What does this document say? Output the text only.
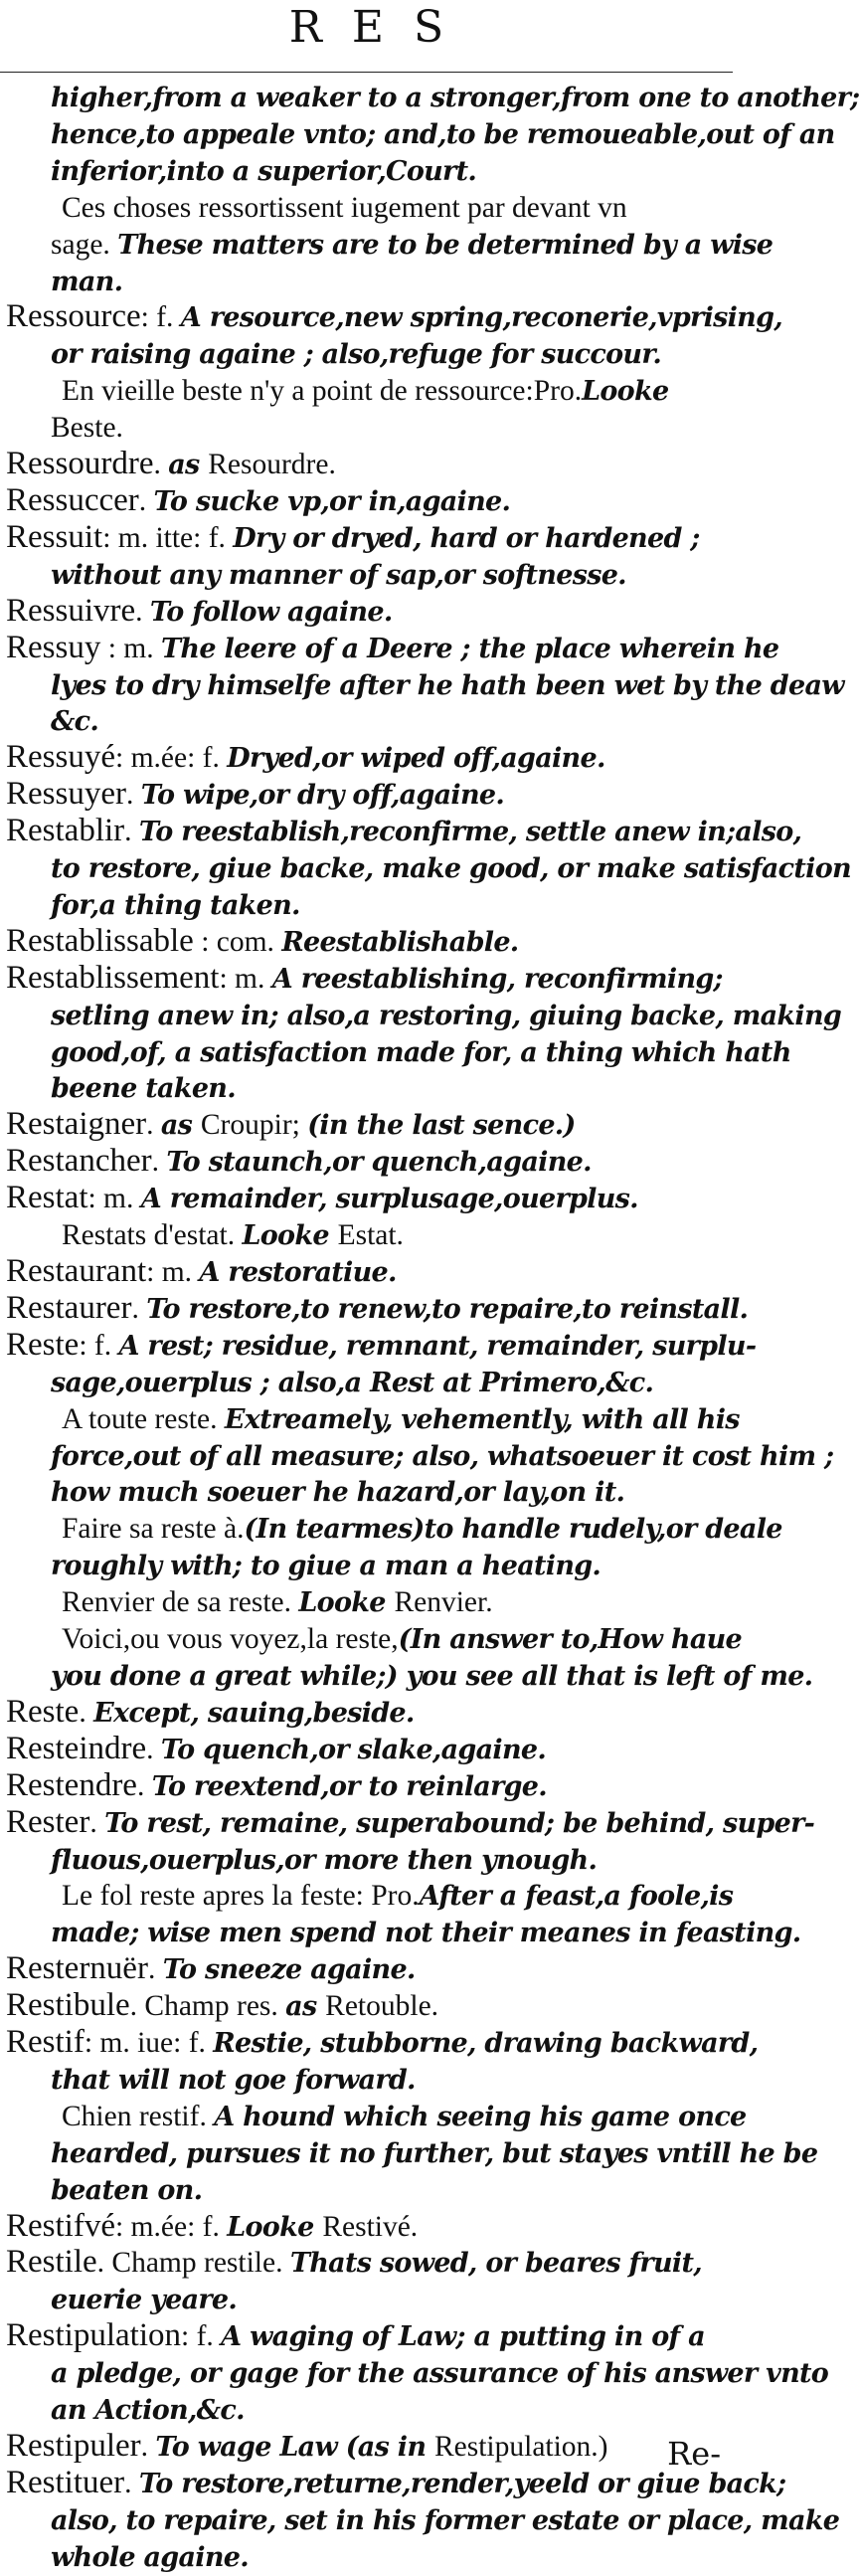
RES
higher,from a weaker to a stronger,from one to another;
hence,to appeale vnto; and,to be remoueable,out of an
inferior,into a superior,Court.
Ces choses ressortissent iugement par devant vn
sage. These matters are to be determined by a wise
man.
Ressource: f. A resource,new spring,reconerie,vprising,
or raising againe ; also,refuge for succour.
En vieille beste n'y a point de ressource:Pro.Looke
Beste.
Ressourdre. as Resourdre.
Ressuccer. To sucke vp,or in,againe.
Ressuit: m. itte: f. Dry or dryed, hard or hardened ;
without any manner of sap,or softnesse.
Ressuivre. To follow againe.
Ressuy : m. The leere of a Deere ; the place wherein he
lyes to dry himselfe after he hath been wet by the deaw
&c.
Ressuyé: m.ée: f. Dryed,or wiped off,againe.
Ressuyer. To wipe,or dry off,againe.
Restablir. To reestablish,reconfirme, settle anew in;also,
to restore, giue backe, make good, or make satisfaction
for,a thing taken.
Restablissable : com. Reestablishable.
Restablissement: m. A reestablishing, reconfirming;
setling anew in; also,a restoring, giuing backe, making
good,of, a satisfaction made for, a thing which hath
beene taken.
Restaigner. as Croupir; (in the last sence.)
Restancher. To staunch,or quench,againe.
Restat: m. A remainder, surplusage,ouerplus.
Restats d'estat. Looke Estat.
Restaurant: m. A restoratiue.
Restaurer. To restore,to renew,to repaire,to reinstall.
Reste: f. A rest; residue, remnant, remainder, surplu-
sage,ouerplus ; also,a Rest at Primero,&c.
A toute reste. Extreamely, vehemently, with all his
force,out of all measure; also, whatsoeuer it cost him ;
how much soeuer he hazard,or lay,on it.
Faire sa reste à.(In tearmes)to handle rudely,or deale
roughly with; to giue a man a heating.
Renvier de sa reste. Looke Renvier.
Voici,ou vous voyez,la reste,(In answer to,How haue
you done a great while;) you see all that is left of me.
Reste. Except, sauing,beside.
Resteindre. To quench,or slake,againe.
Restendre. To reextend,or to reinlarge.
Rester. To rest, remaine, superabound; be behind, super-
fluous,ouerplus,or more then ynough.
Le fol reste apres la feste: Pro.After a feast,a foole,is
made; wise men spend not their meanes in feasting.
Resternuër. To sneeze againe.
Restibule. Champ res. as Retouble.
Restif: m. iue: f. Restie, stubborne, drawing backward,
that will not goe forward.
Chien restif. A hound which seeing his game once
hearded, pursues it no further, but stayes vntill he be
beaten on.
Restifvé: m.ée: f. Looke Restivé.
Restile. Champ restile. Thats sowed, or beares fruit,
euerie yeare.
Restipulation: f. A waging of Law; a putting in of a
a pledge, or gage for the assurance of his answer vnto
an Action,&c.
Restipuler. To wage Law (as in Restipulation.)
Restituer. To restore,returne,render,yeeld or giue back;
also, to repaire, set in his former estate or place, make
whole againe.
Re-
